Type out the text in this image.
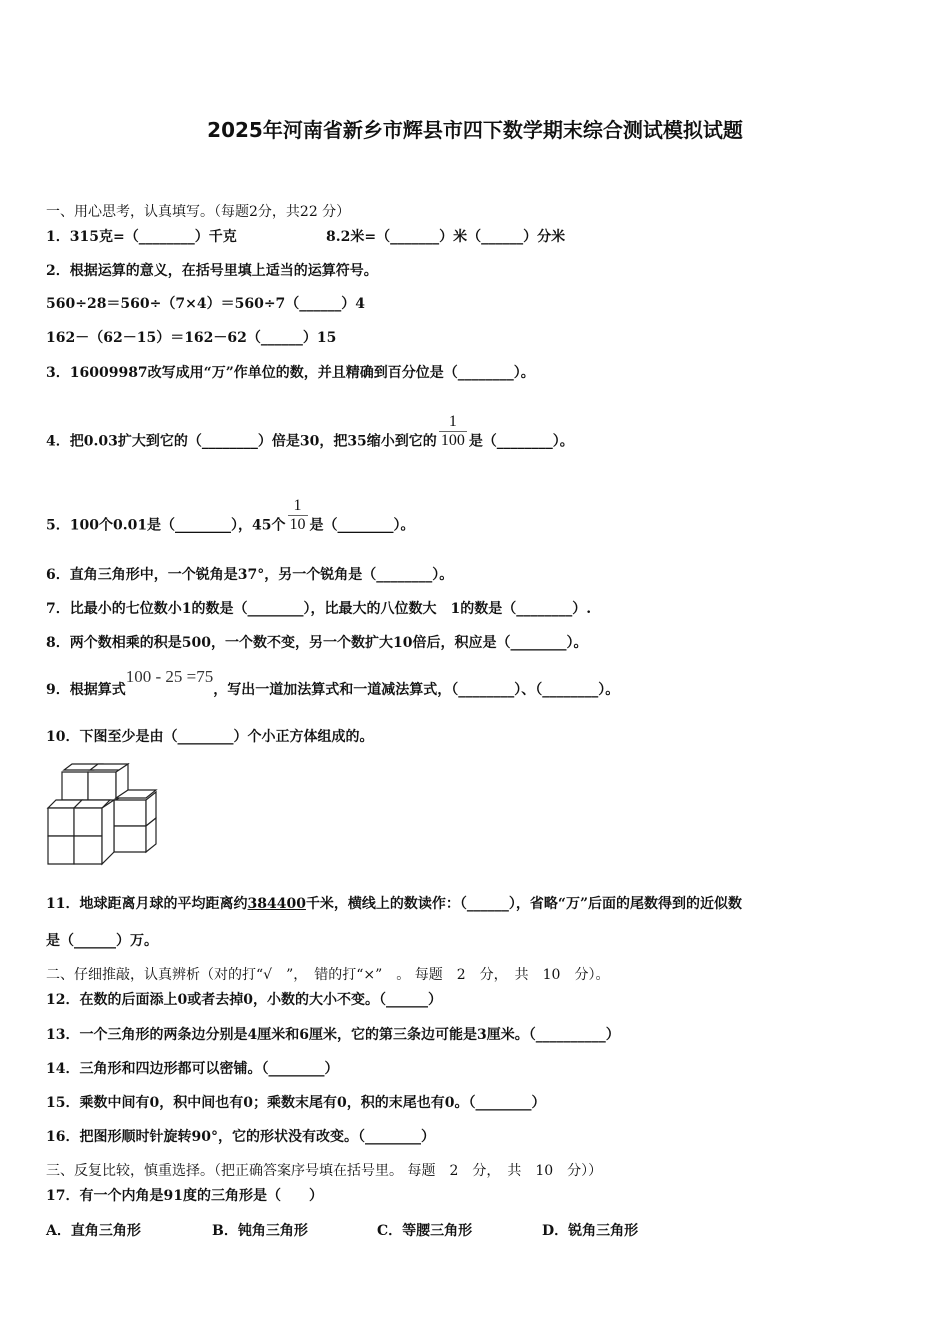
2025年河南省新乡市辉县市四下数学期末综合测试模拟试题
一、用心思考，认真填写。（每题2分，共22 分）
1．315克=（________）千克	8.2米=（_______）米（______）分米
2．根据运算的意义，在括号里填上适当的运算符号。
560÷28＝560÷（7×4）＝560÷7（______）4
162－（62－15）＝162－62（______）15
3．16009987改写成用“万”作单位的数，并且精确到百分位是（________）。
4．把0.03扩大到它的（________）倍是30，把35缩小到它的 $\frac{1}{100}$ 是（________）。
5．100个0.01是（________），45个 $\frac{1}{10}$ 是（________）。
6．直角三角形中，一个锐角是37°，另一个锐角是（________）。
7．比最小的七位数小1的数是（________），比最大的八位数大　1的数是（________）.
8．两个数相乘的积是500，一个数不变，另一个数扩大10倍后，积应是（________）。
9．根据算式100 - 25 =75，写出一道加法算式和一道减法算式，（________）、（________）。
10．下图至少是由（________）个小正方体组成的。
11．地球距离月球的平均距离约384400千米，横线上的数读作：（______），省略“万”后面的尾数得到的近似数
是（______）万。
二、仔细推敲，认真辨析（对的打“√　”，　错的打“×”　。 每题　2　分，　共　10　分）。
12．在数的后面添上0或者去掉0，小数的大小不变。（______）
13．一个三角形的两条边分别是4厘米和6厘米，它的第三条边可能是3厘米。（__________）
14．三角形和四边形都可以密铺。（________）
15．乘数中间有0，积中间也有0；乘数末尾有0，积的末尾也有0。（________）
16．把图形顺时针旋转90°，它的形状没有改变。（________）
三、反复比较，慎重选择。（把正确答案序号填在括号里。 每题　2　分，　共　10　分））
17．有一个内角是91度的三角形是（　　）
A．直角三角形	B．钝角三角形	C．等腰三角形	D．锐角三角形
